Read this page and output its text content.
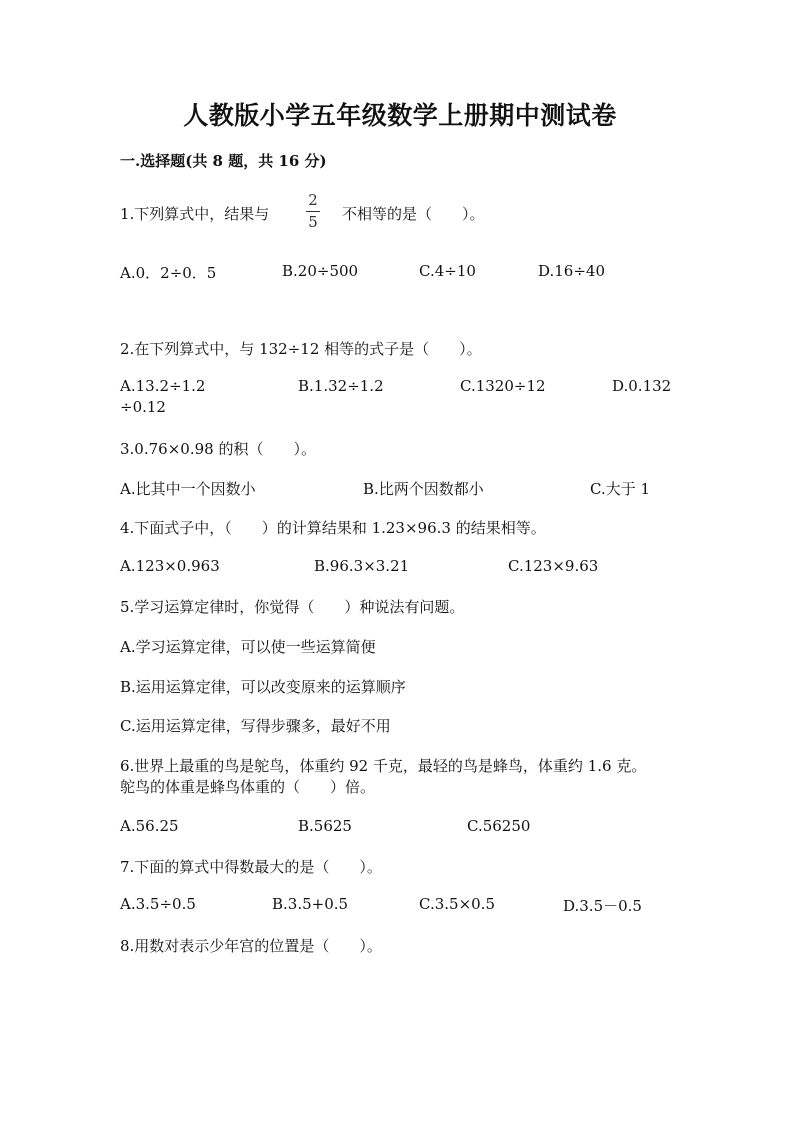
人教版小学五年级数学上册期中测试卷
一.选择题(共 8 题，共 16 分)
1.下列算式中，结果与
2
5 不相等的是（　　）。
A.0．2÷0．5	B.20÷500	C.4÷10	D.16÷40
2.在下列算式中，与 132÷12 相等的式子是（　　）。
A.13.2÷1.2	B.1.32÷1.2	C.1320÷12	D.0.132
÷0.12
3.0.76×0.98 的积（　　）。
A.比其中一个因数小	B.比两个因数都小	C.大于 1
4.下面式子中，（　　）的计算结果和 1.23×96.3 的结果相等。
A.123×0.963	B.96.3×3.21	C.123×9.63
5.学习运算定律时，你觉得（　　）种说法有问题。
A.学习运算定律，可以使一些运算简便
B.运用运算定律，可以改变原来的运算顺序
C.运用运算定律，写得步骤多，最好不用
6.世界上最重的鸟是鸵鸟，体重约 92 千克，最轻的鸟是蜂鸟，体重约 1.6 克。
鸵鸟的体重是蜂鸟体重的（　　）倍。
A.56.25	B.5625	C.56250
7.下面的算式中得数最大的是（　　）。
A.3.5÷0.5	B.3.5+0.5	C.3.5×0.5	D.3.5－0.5
8.用数对表示少年宫的位置是（　　）。
